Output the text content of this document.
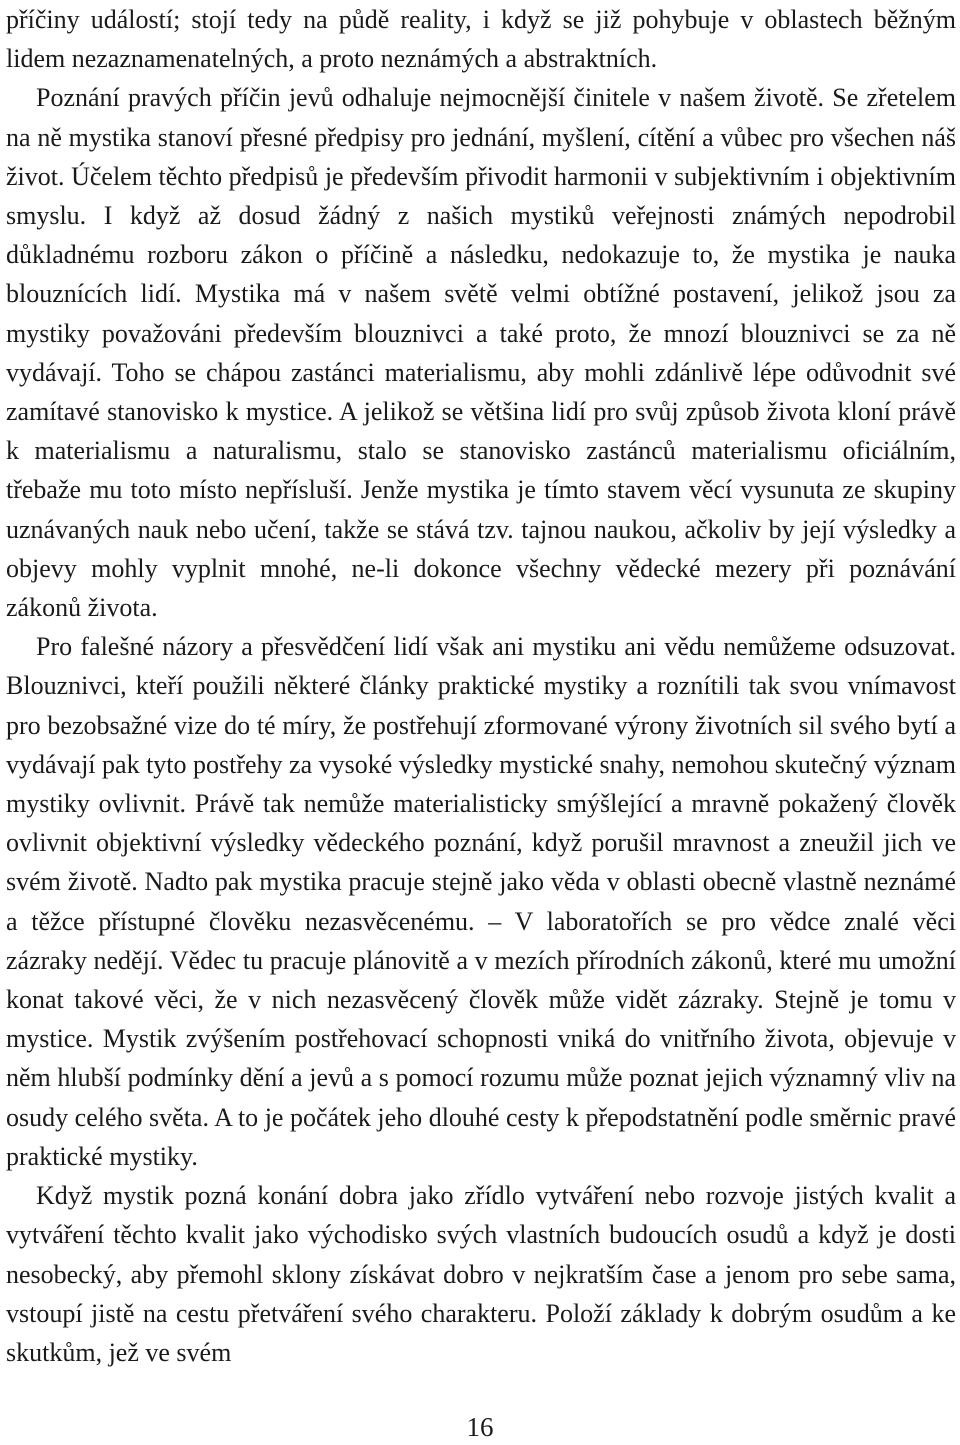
příčiny událostí; stojí tedy na půdě reality, i když se již pohybuje v oblastech běžným lidem nezaznamenatelných, a proto neznámých a abstraktních.

Poznání pravých příčin jevů odhaluje nejmocnější činitele v našem životě. Se zřetelem na ně mystika stanoví přesné předpisy pro jednání, myšlení, cítění a vůbec pro všechen náš život. Účelem těchto předpisů je především přivodit harmonii v subjektivním i objektivním smyslu. I když až dosud žádný z našich mystiků veřejnosti známých nepodrobil důkladnému rozboru zákon o příčině a následku, nedokazuje to, že mystika je nauka blouznících lidí. Mystika má v našem světě velmi obtížné postavení, jelikož jsou za mystiky považováni především blouznivci a také proto, že mnozí blouznivci se za ně vydávají. Toho se chápou zastánci materialismu, aby mohli zdánlivě lépe odůvodnit své zamítavé stanovisko k mystice. A jelikož se většina lidí pro svůj způsob života kloní právě k materialismu a naturalismu, stalo se stanovisko zastánců materialismu oficiálním, třebaže mu toto místo nepřísluší. Jenže mystika je tímto stavem věcí vysunuta ze skupiny uznávaných nauk nebo učení, takže se stává tzv. tajnou naukou, ačkoliv by její výsledky a objevy mohly vyplnit mnohé, ne-li dokonce všechny vědecké mezery při poznávání zákonů života.

Pro falešné názory a přesvědčení lidí však ani mystiku ani vědu nemůžeme odsuzovat. Blouznivci, kteří použili některé články praktické mystiky a roznítili tak svou vnímavost pro bezobsažné vize do té míry, že postřehují zformované výrony životních sil svého bytí a vydávají pak tyto postřehy za vysoké výsledky mystické snahy, nemohou skutečný význam mystiky ovlivnit. Právě tak nemůže materialisticky smýšlející a mravně pokažený člověk ovlivnit objektivní výsledky vědeckého poznání, když porušil mravnost a zneužil jich ve svém životě. Nadto pak mystika pracuje stejně jako věda v oblasti obecně vlastně neznámé a těžce přístupné člověku nezasvěcenému. – V laboratořích se pro vědce znalé věci zázraky nedějí. Vědec tu pracuje plánovitě a v mezích přírodních zákonů, které mu umožní konat takové věci, že v nich nezasvěcený člověk může vidět zázraky. Stejně je tomu v mystice. Mystik zvýšením postřehovací schopnosti vniká do vnitřního života, objevuje v něm hlubší podmínky dění a jevů a s pomocí rozumu může poznat jejich významný vliv na osudy celého světa. A to je počátek jeho dlouhé cesty k přepodstatnění podle směrnic pravé praktické mystiky.

Když mystik pozná konání dobra jako zřídlo vytváření nebo rozvoje jistých kvalit a vytváření těchto kvalit jako východisko svých vlastních budoucích osudů a když je dosti nesobecký, aby přemohl sklony získávat dobro v nejkratším čase a jenom pro sebe sama, vstoupí jistě na cestu přetváření svého charakteru. Položí základy k dobrým osudům a ke skutkům, jež ve svém

16
